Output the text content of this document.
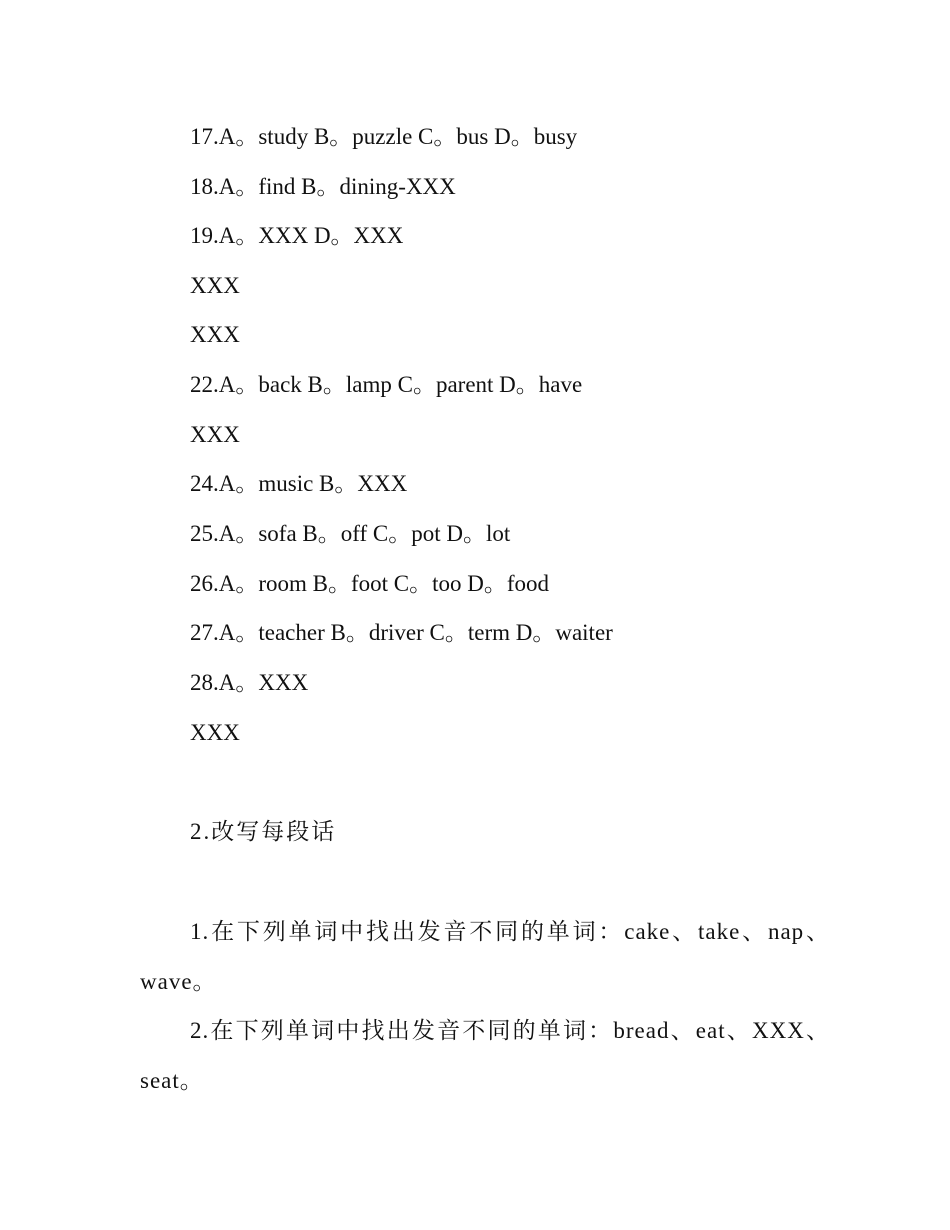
17.A。study B。puzzle C。bus D。busy
18.A。find B。dining-XXX
19.A。XXX D。XXX
XXX
XXX
22.A。back B。lamp C。parent D。have
XXX
24.A。music B。XXX
25.A。sofa B。off C。pot D。lot
26.A。room B。foot C。too D。food
27.A。teacher B。driver C。term D。waiter
28.A。XXX
XXX
2.改写每段话
1.在下列单词中找出发音不同的单词：cake、take、nap、wave。
2.在下列单词中找出发音不同的单词：bread、eat、XXX、seat。
